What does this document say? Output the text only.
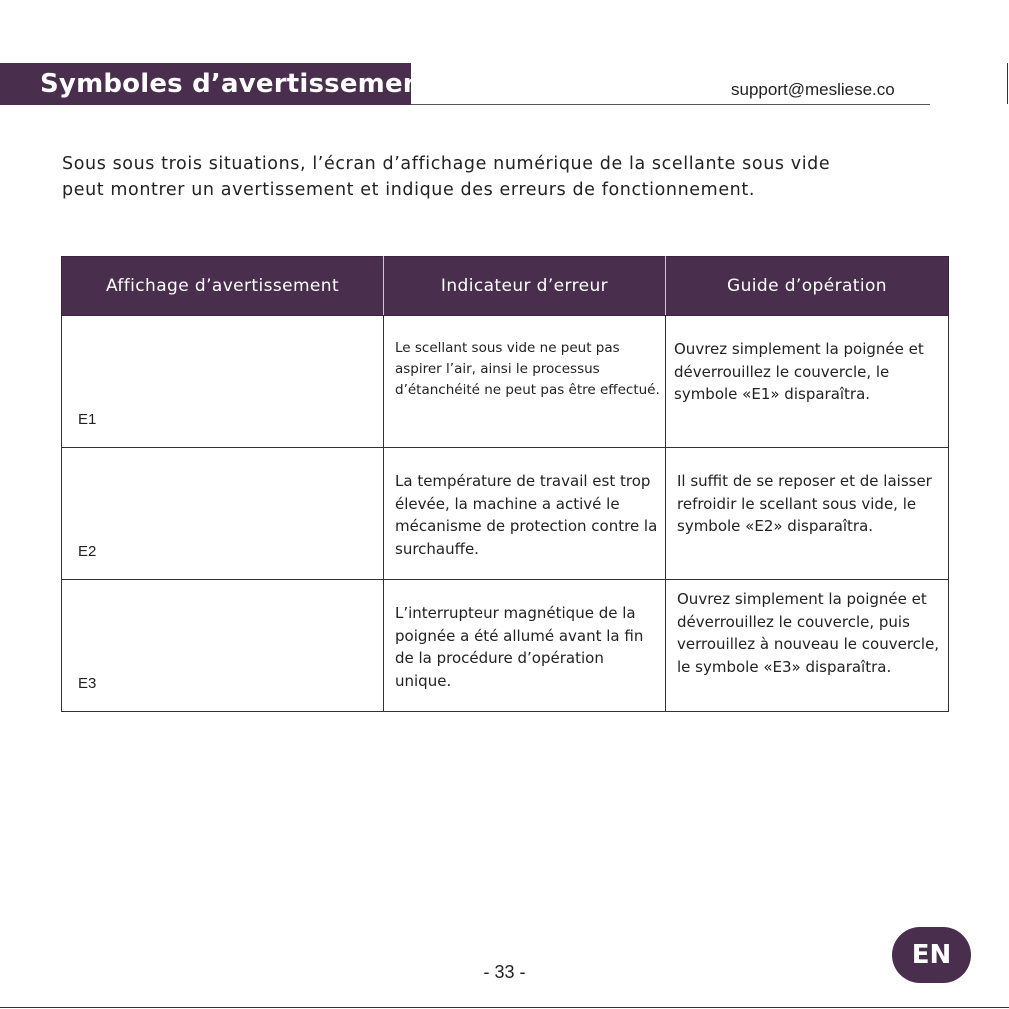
Symboles d’avertissement	support@mesliese.co
Sous sous trois situations, l’écran d’affichage numérique de la scellante sous vide
peut montrer un avertissement et indique des erreurs de fonctionnement.
Affichage d’avertissement	Indicateur d’erreur	Guide d’opération
E1	Le scellant sous vide ne peut pas aspirer l’air, ainsi le processus d’étanchéité ne peut pas être effectué.	Ouvrez simplement la poignée et déverrouillez le couvercle, le symbole «E1» disparaîtra.
E2	La température de travail est trop élevée, la machine a activé le mécanisme de protection contre la surchauffe.	Il suffit de se reposer et de laisser refroidir le scellant sous vide, le symbole «E2» disparaîtra.
E3	L’interrupteur magnétique de la poignée a été allumé avant la fin de la procédure d’opération unique.	Ouvrez simplement la poignée et déverrouillez le couvercle, puis verrouillez à nouveau le couvercle, le symbole «E3» disparaîtra.
- 33 -
EN
